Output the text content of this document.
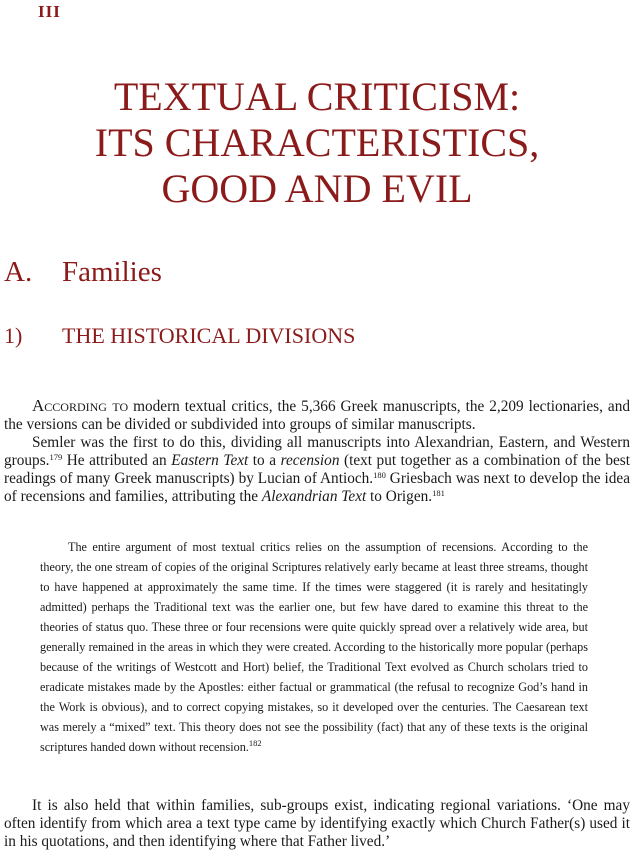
III
TEXTUAL CRITICISM:
ITS CHARACTERISTICS,
GOOD AND EVIL
A. Families
1) THE HISTORICAL DIVISIONS

According to modern textual critics, the 5,366 Greek manuscripts, the 2,209 lectionaries, and the versions can be divided or subdivided into groups of similar manuscripts.

Semler was the first to do this, dividing all manuscripts into Alexandrian, Eastern, and Western groups.$^{179}$ He attributed an Eastern Text to a recension (text put together as a combination of the best readings of many Greek manuscripts) by Lucian of Antioch.$^{180}$ Griesbach was next to develop the idea of recensions and families, attributing the Alexandrian Text to Origen.$^{181}$

The entire argument of most textual critics relies on the assumption of recensions. According to the theory, the one stream of copies of the original Scriptures relatively early became at least three streams, thought to have happened at approximately the same time. If the times were staggered (it is rarely and hesitatingly admitted) perhaps the Traditional text was the earlier one, but few have dared to examine this threat to the theories of status quo. These three or four recensions were quite quickly spread over a relatively wide area, but generally remained in the areas in which they were created. According to the historically more popular (perhaps because of the writings of Westcott and Hort) belief, the Traditional Text evolved as Church scholars tried to eradicate mistakes made by the Apostles: either factual or grammatical (the refusal to recognize God’s hand in the Work is obvious), and to correct copying mistakes, so it developed over the centuries. The Caesarean text was merely a “mixed” text. This theory does not see the possibility (fact) that any of these texts is the original scriptures handed down without recension.$^{182}$

It is also held that within families, sub-groups exist, indicating regional variations. ‘One may often identify from which area a text type came by identifying exactly which Church Father(s) used it in his quotations, and then identifying where that Father lived.’
